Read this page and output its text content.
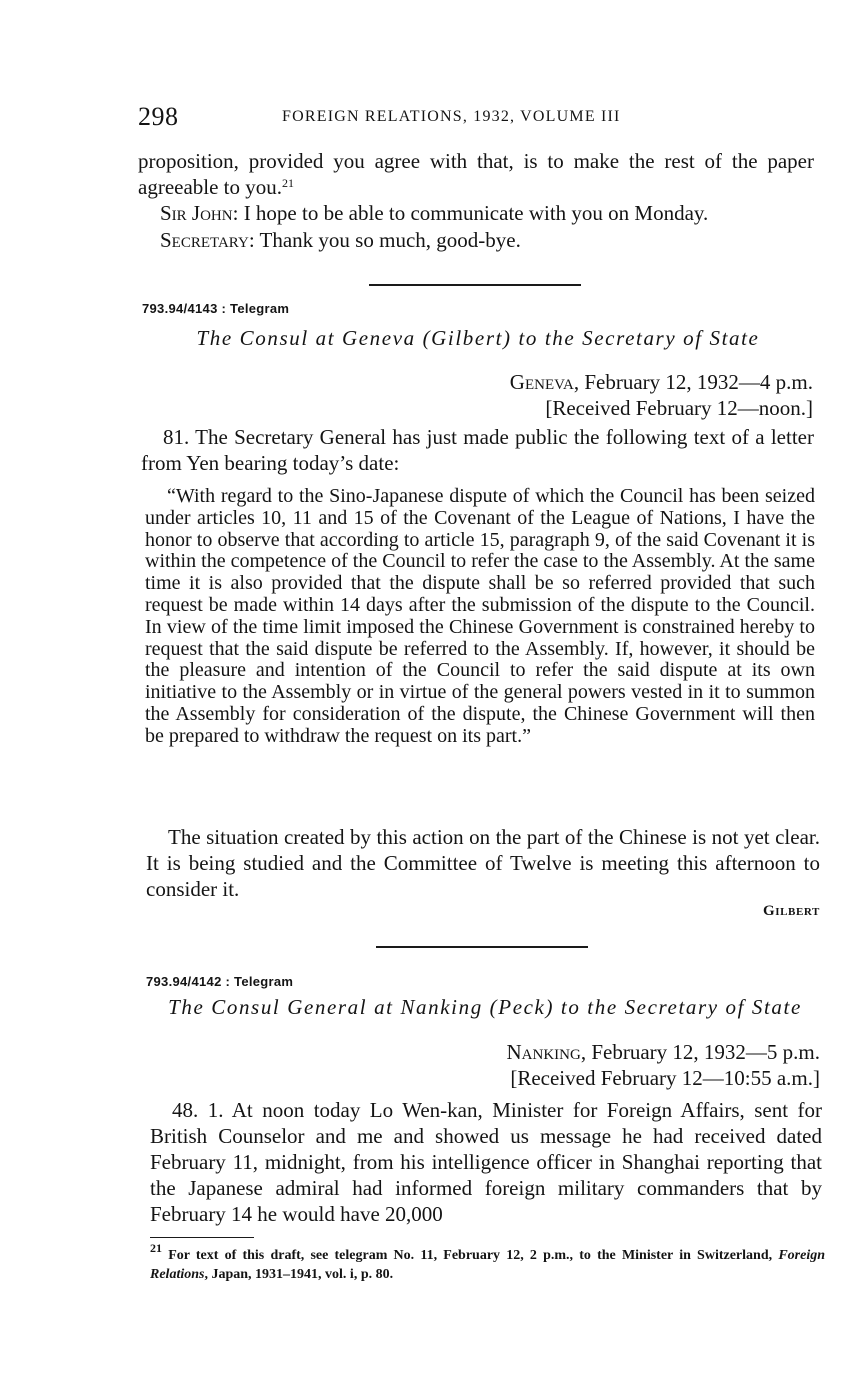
298	FOREIGN RELATIONS, 1932, VOLUME III

proposition, provided you agree with that, is to make the rest of the paper agreeable to you.$^{21}$

Sir John: I hope to be able to communicate with you on Monday.
Secretary: Thank you so much, good-bye.
793.94/4143 : Telegram
The Consul at Geneva (Gilbert) to the Secretary of State
Geneva, February 12, 1932—4 p.m.
[Received February 12—noon.]
81. The Secretary General has just made public the following text of a letter from Yen bearing today’s date:
“With regard to the Sino-Japanese dispute of which the Council has been seized under articles 10, 11 and 15 of the Covenant of the League of Nations, I have the honor to observe that according to article 15, paragraph 9, of the said Covenant it is within the competence of the Council to refer the case to the Assembly. At the same time it is also provided that the dispute shall be so referred provided that such request be made within 14 days after the submission of the dispute to the Council. In view of the time limit imposed the Chinese Government is constrained hereby to request that the said dispute be referred to the Assembly. If, however, it should be the pleasure and intention of the Council to refer the said dispute at its own initiative to the Assembly or in virtue of the general powers vested in it to summon the Assembly for consideration of the dispute, the Chinese Government will then be prepared to withdraw the request on its part.”
The situation created by this action on the part of the Chinese is not yet clear. It is being studied and the Committee of Twelve is meeting this afternoon to consider it.
Gilbert
793.94/4142 : Telegram
The Consul General at Nanking (Peck) to the Secretary of State
Nanking, February 12, 1932—5 p.m.
[Received February 12—10:55 a.m.]
48. 1. At noon today Lo Wen-kan, Minister for Foreign Affairs, sent for British Counselor and me and showed us message he had received dated February 11, midnight, from his intelligence officer in Shanghai reporting that the Japanese admiral had informed foreign military commanders that by February 14 he would have 20,000
$^{21}$ For text of this draft, see telegram No. 11, February 12, 2 p.m., to the Minister in Switzerland, Foreign Relations, Japan, 1931–1941, vol. i, p. 80.
